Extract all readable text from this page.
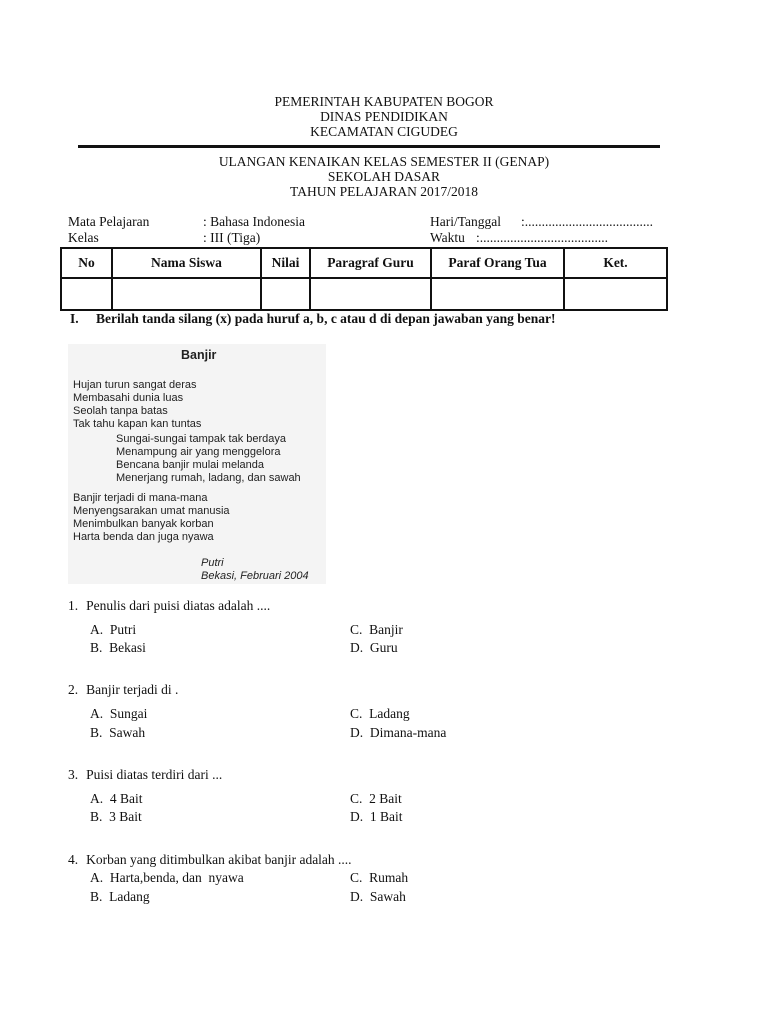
PEMERINTAH KABUPATEN BOGOR
DINAS PENDIDIKAN
KECAMATAN CIGUDEG
ULANGAN KENAIKAN KELAS SEMESTER II (GENAP)
SEKOLAH DASAR
TAHUN PELAJARAN 2017/2018
Mata Pelajaran	: Bahasa Indonesia
Kelas	: III (Tiga)
Hari/Tanggal :......................................
Waktu :......................................
No	Nama Siswa	Nilai	Paragraf Guru	Paraf Orang Tua	Ket.

I. Berilah tanda silang (x) pada huruf a, b, c atau d di depan jawaban yang benar!
Banjir
Hujan turun sangat deras
Membasahi dunia luas
Seolah tanpa batas
Tak tahu kapan kan tuntas
Sungai-sungai tampak tak berdaya
Menampung air yang menggelora
Bencana banjir mulai melanda
Menerjang rumah, ladang, dan sawah
Banjir terjadi di mana-mana
Menyengsarakan umat manusia
Menimbulkan banyak korban
Harta benda dan juga nyawa
Putri
Bekasi, Februari 2004
1. Penulis dari puisi diatas adalah ....
A. Putri
B. Bekasi
C. Banjir
D. Guru
2. Banjir terjadi di .
A. Sungai
B. Sawah
C. Ladang
D. Dimana-mana
3. Puisi diatas terdiri dari ...
A. 4 Bait
B. 3 Bait
C. 2 Bait
D. 1 Bait
4. Korban yang ditimbulkan akibat banjir adalah ....
A. Harta,benda, dan  nyawa
B. Ladang
C. Rumah
D. Sawah
